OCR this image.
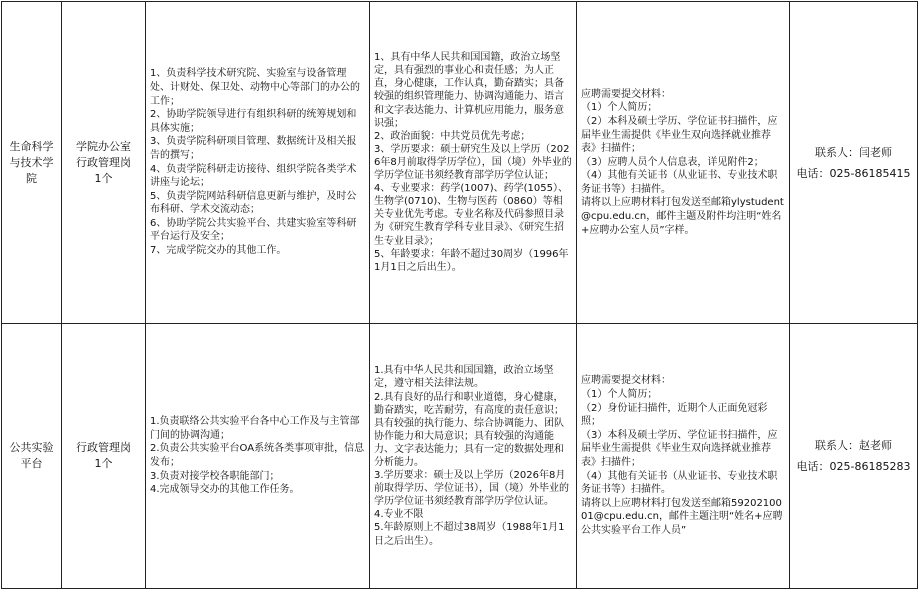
生命科学
与技术学
院
学院办公室
行政管理岗
1个
1、负责科学技术研究院、实验室与设备管理处、计财处、保卫处、动物中心等部门的办公的工作；
2、协助学院领导进行有组织科研的统筹规划和具体实施；
3、负责学院科研项目管理、数据统计及相关报告的撰写；
4、负责学院科研走访接待、组织学院各类学术讲座与论坛；
5、负责学院网站科研信息更新与维护，及时公布科研、学术交流动态；
6、协助学院公共实验平台、共建实验室等科研平台运行及安全；
7、完成学院交办的其他工作。
1、具有中华人民共和国国籍，政治立场坚定，具有强烈的事业心和责任感；为人正直，身心健康，工作认真，勤奋踏实；具备较强的组织管理能力、协调沟通能力、语言和文字表达能力、计算机应用能力，服务意识强；
2、政治面貌：中共党员优先考虑；
3、学历要求：硕士研究生及以上学历（2026年8月前取得学历学位），国（境）外毕业的学历学位证书须经教育部学历学位认证；
4、专业要求：药学(1007)、药学(1055）、生物学(0710)、生物与医药（0860）等相关专业优先考虑。专业名称及代码参照目录为《研究生教育学科专业目录》、《研究生招生专业目录》；
5、年龄要求：年龄不超过30周岁（1996年1月1日之后出生）。
应聘需要提交材料：
（1）个人简历；
（2）本科及硕士学历、学位证书扫描件，应届毕业生需提供《毕业生双向选择就业推荐表》扫描件；
（3）应聘人员个人信息表，详见附件2；
（4）其他有关证书（从业证书、专业技术职务证书等）扫描件。
请将以上应聘材料打包发送至邮箱ylystudent@cpu.edu.cn，邮件主题及附件均注明“姓名+应聘办公室人员”字样。
联系人：闫老师
电话：025-86185415
公共实验
平台
行政管理岗
1个
1.负责联络公共实验平台各中心工作及与主管部门间的协调沟通；
2.负责公共实验平台OA系统各类事项审批，信息发布；
3.负责对接学校各职能部门；
4.完成领导交办的其他工作任务。
1.具有中华人民共和国国籍，政治立场坚定，遵守相关法律法规。
2.具有良好的品行和职业道德，身心健康，勤奋踏实，吃苦耐劳，有高度的责任意识；具有较强的执行能力、综合协调能力、团队协作能力和大局意识；具有较强的沟通能力、文字表达能力；具有一定的数据处理和分析能力。
3.学历要求：硕士及以上学历（2026年8月前取得学历、学位证书），国（境）外毕业的学历学位证书须经教育部学历学位认证。
4.专业不限
5.年龄原则上不超过38周岁（1988年1月1日之后出生）。
应聘需要提交材料：
（1）个人简历；
（2）身份证扫描件，近期个人正面免冠彩照；
（3）本科及硕士学历、学位证书扫描件，应届毕业生需提供《毕业生双向选择就业推荐表》扫描件；
（4）其他有关证书（从业证书、专业技术职务证书等）扫描件。
请将以上应聘材料打包发送至邮箱5920210001@cpu.edu.cn，邮件主题注明“姓名+应聘公共实验平台工作人员”
联系人：赵老师
电话：025-86185283
